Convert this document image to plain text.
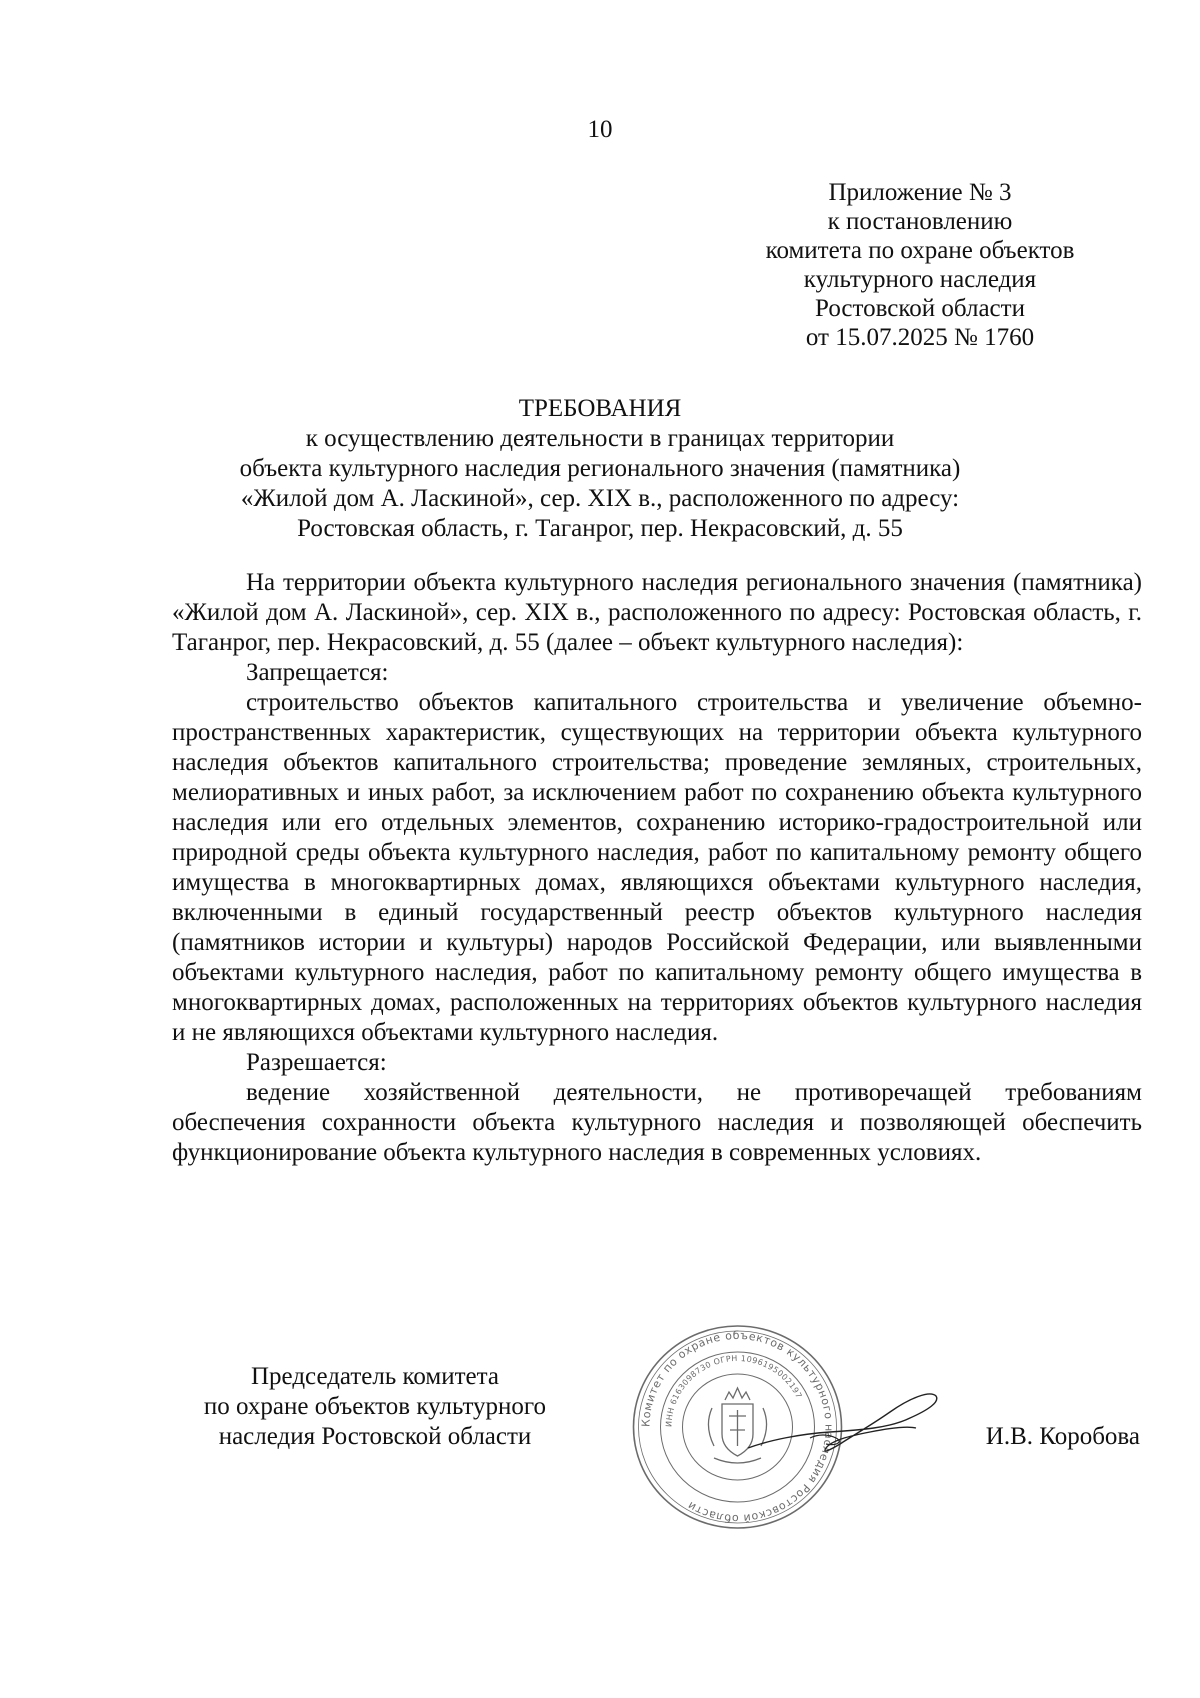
10
Приложение № 3
к постановлению
комитета по охране объектов
культурного наследия
Ростовской области
от 15.07.2025 № 1760
ТРЕБОВАНИЯ
к осуществлению деятельности в границах территории
объекта культурного наследия регионального значения (памятника)
«Жилой дом А. Ласкиной», сер. XIX в., расположенного по адресу:
Ростовская область, г. Таганрог, пер. Некрасовский, д. 55

На территории объекта культурного наследия регионального значения (памятника) «Жилой дом А. Ласкиной», сер. XIX в., расположенного по адресу: Ростовская область, г. Таганрог, пер. Некрасовский, д. 55 (далее – объект культурного наследия):

Запрещается:

строительство объектов капитального строительства и увеличение объемно-пространственных характеристик, существующих на территории объекта культурного наследия объектов капитального строительства; проведение земляных, строительных, мелиоративных и иных работ, за исключением работ по сохранению объекта культурного наследия или его отдельных элементов, сохранению историко-градостроительной или природной среды объекта культурного наследия, работ по капитальному ремонту общего имущества в многоквартирных домах, являющихся объектами культурного наследия, включенными в единый государственный реестр объектов культурного наследия (памятников истории и культуры) народов Российской Федерации, или выявленными объектами культурного наследия, работ по капитальному ремонту общего имущества в многоквартирных домах, расположенных на территориях объектов культурного наследия и не являющихся объектами культурного наследия.

Разрешается:

ведение хозяйственной деятельности, не противоречащей требованиям обеспечения сохранности объекта культурного наследия и позволяющей обеспечить функционирование объекта культурного наследия в современных условиях.

Председатель комитета
по охране объектов культурного
наследия Ростовской области
Комитет по охране объектов культурного наследия Ростовской области
ИНН 6163098730 ОГРН 1096195002197
И.В. Коробова
